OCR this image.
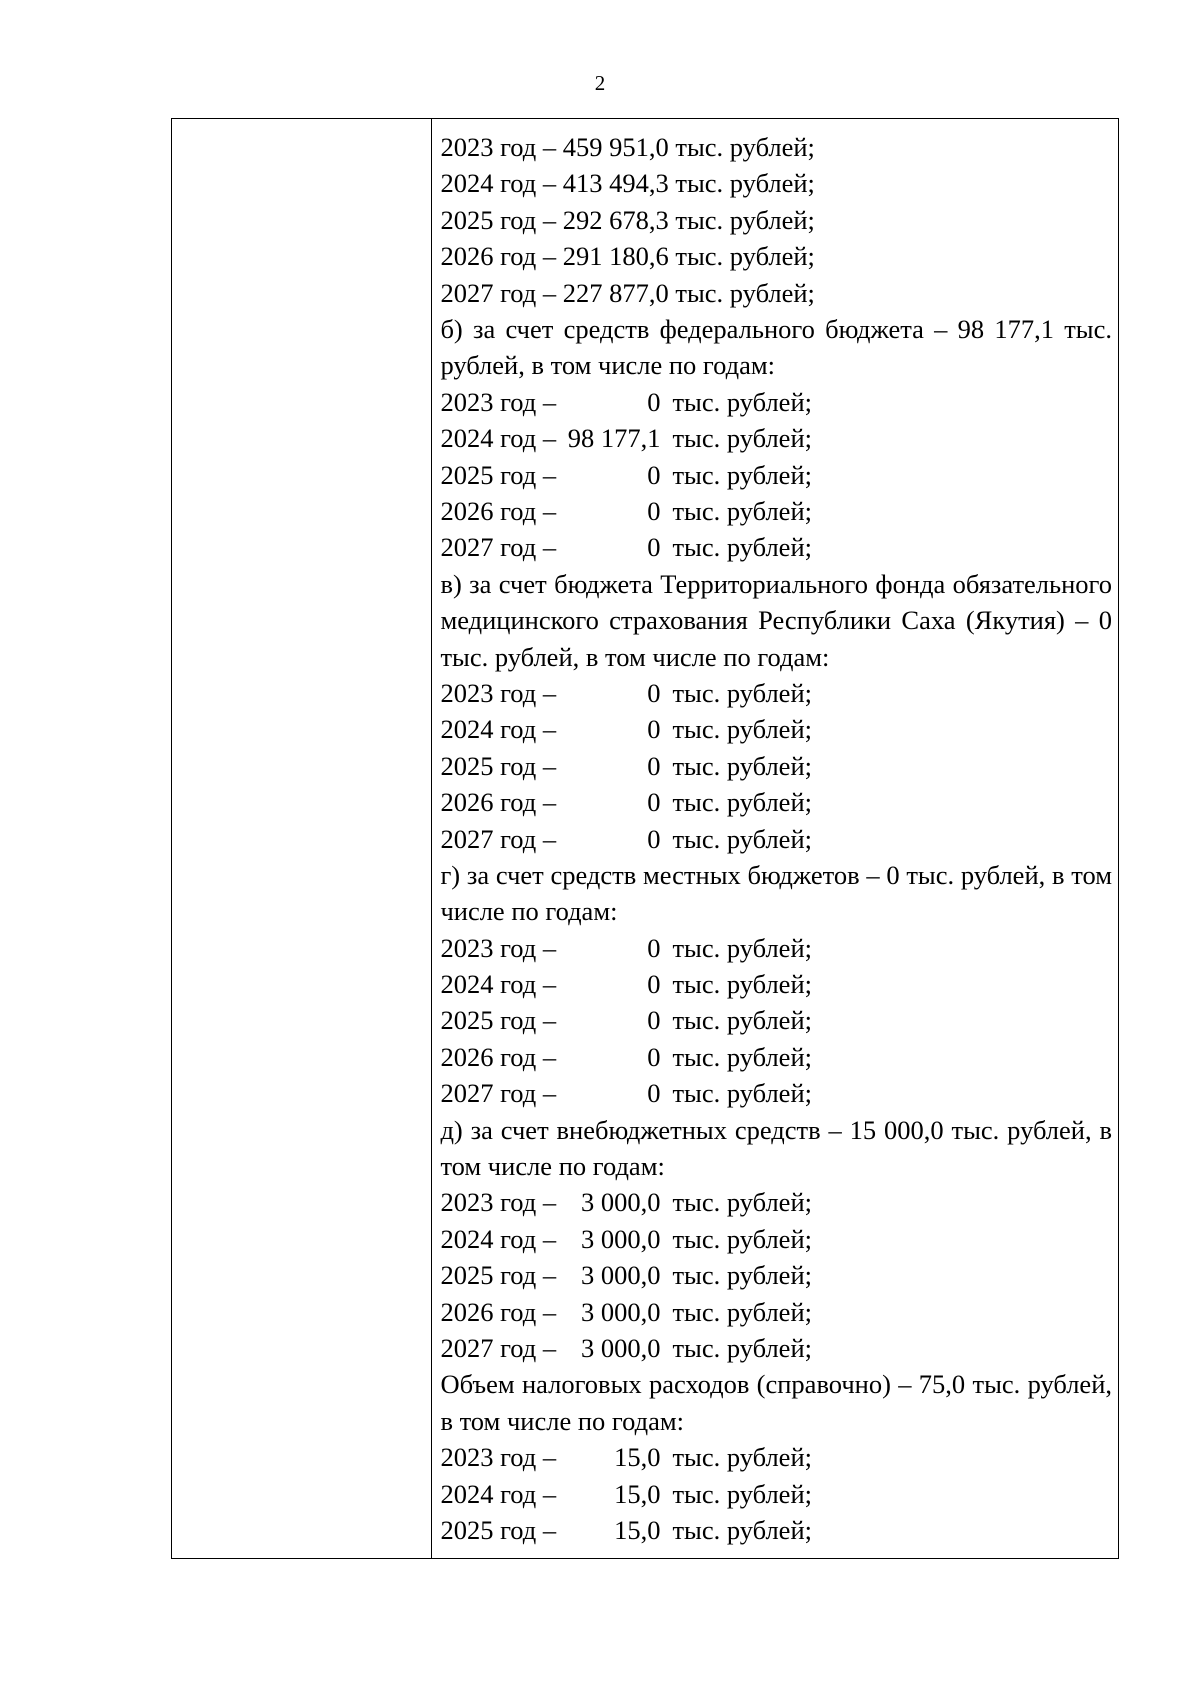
2
2023 год – 459 951,0 тыс. рублей;
2024 год – 413 494,3 тыс. рублей;
2025 год – 292 678,3 тыс. рублей;
2026 год – 291 180,6 тыс. рублей;
2027 год – 227 877,0 тыс. рублей;
б) за счет средств федерального бюджета – 98 177,1 тыс. рублей, в том числе по годам:
2023 год –	0 тыс. рублей;
2024 год – 98 177,1 тыс. рублей;
2025 год –	0 тыс. рублей;
2026 год –	0 тыс. рублей;
2027 год –	0 тыс. рублей;
в) за счет бюджета Территориального фонда обязательного медицинского страхования Республики Саха (Якутия) – 0 тыс. рублей, в том числе по годам:
2023 год –	0 тыс. рублей;
2024 год –	0 тыс. рублей;
2025 год –	0 тыс. рублей;
2026 год –	0 тыс. рублей;
2027 год –	0 тыс. рублей;
г) за счет средств местных бюджетов – 0 тыс. рублей, в том числе по годам:
2023 год –	0 тыс. рублей;
2024 год –	0 тыс. рублей;
2025 год –	0 тыс. рублей;
2026 год –	0 тыс. рублей;
2027 год –	0 тыс. рублей;
д) за счет внебюджетных средств – 15 000,0 тыс. рублей, в том числе по годам:
2023 год – 3 000,0 тыс. рублей;
2024 год – 3 000,0 тыс. рублей;
2025 год – 3 000,0 тыс. рублей;
2026 год – 3 000,0 тыс. рублей;
2027 год – 3 000,0 тыс. рублей;
Объем налоговых расходов (справочно) – 75,0 тыс. рублей, в том числе по годам:
2023 год –	15,0 тыс. рублей;
2024 год –	15,0 тыс. рублей;
2025 год –	15,0 тыс. рублей;
